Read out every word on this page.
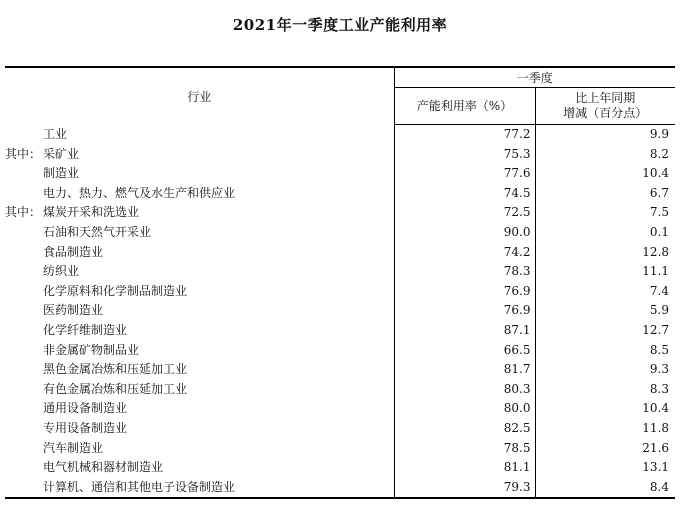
2021年一季度工业产能利用率
行业	一季度	
	产能利用率（%）	比上年同期
增减（百分点）

工业	77.2	9.9
其中： 采矿业	75.3	8.2
制造业	77.6	10.4
电力、热力、燃气及水生产和供应业	74.5	6.7
其中： 煤炭开采和洗选业	72.5	7.5
石油和天然气开采业	90.0	0.1
食品制造业	74.2	12.8
纺织业	78.3	11.1
化学原料和化学制品制造业	76.9	7.4
医药制造业	76.9	5.9
化学纤维制造业	87.1	12.7
非金属矿物制品业	66.5	8.5
黑色金属冶炼和压延加工业	81.7	9.3
有色金属冶炼和压延加工业	80.3	8.3
通用设备制造业	80.0	10.4
专用设备制造业	82.5	11.8
汽车制造业	78.5	21.6
电气机械和器材制造业	81.1	13.1
计算机、通信和其他电子设备制造业	79.3	8.4
